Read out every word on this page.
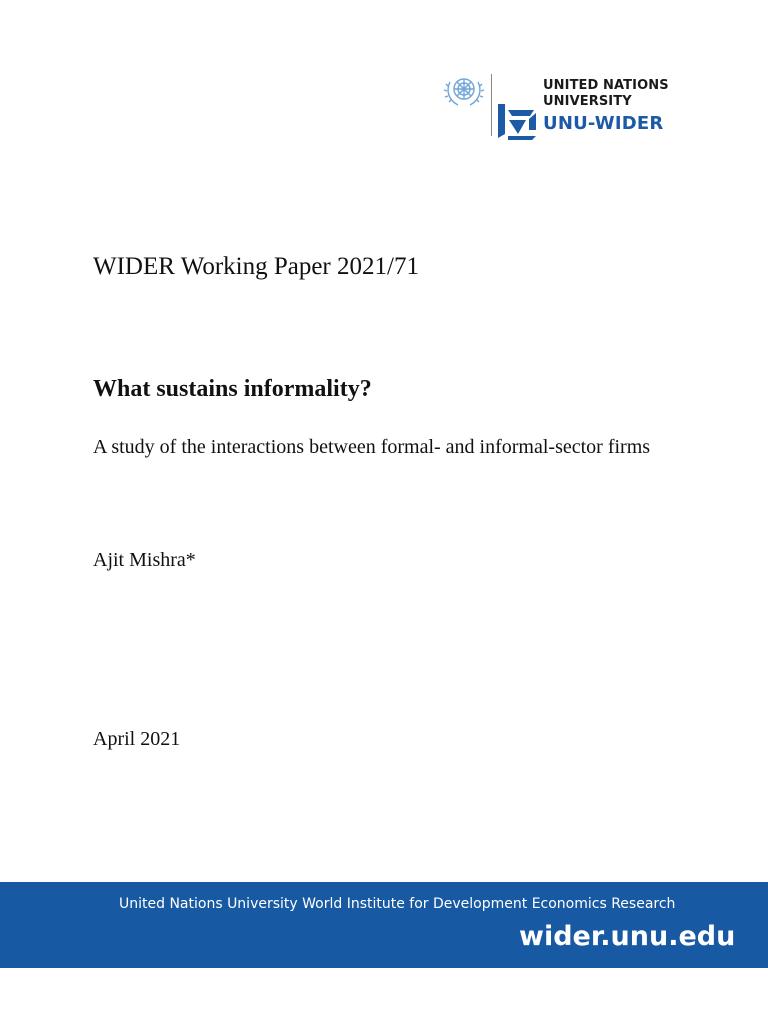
UNITED NATIONS
UNIVERSITY
UNU-WIDER
WIDER Working Paper 2021/71
What sustains informality?
A study of the interactions between formal- and informal-sector firms
Ajit Mishra*
April 2021
United Nations University World Institute for Development Economics Research
wider.unu.edu
